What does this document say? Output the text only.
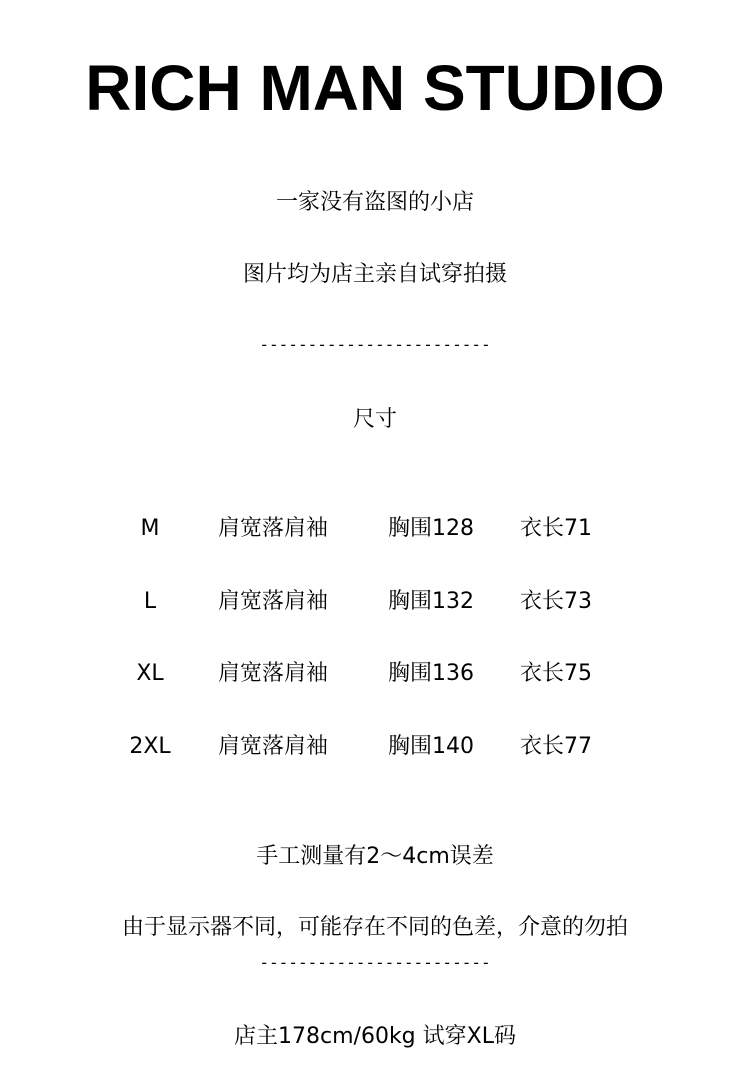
RICH MAN STUDIO
一家没有盗图的小店
图片均为店主亲自试穿拍摄
------------------------
尺寸
M	肩宽落肩袖	胸围128 衣长71
L	肩宽落肩袖	胸围132 衣长73
XL	肩宽落肩袖	胸围136 衣长75
2XL	肩宽落肩袖	胸围140 衣长77
手工测量有2～4cm误差
由于显示器不同，可能存在不同的色差，介意的勿拍
------------------------
店主178cm/60kg 试穿XL码
